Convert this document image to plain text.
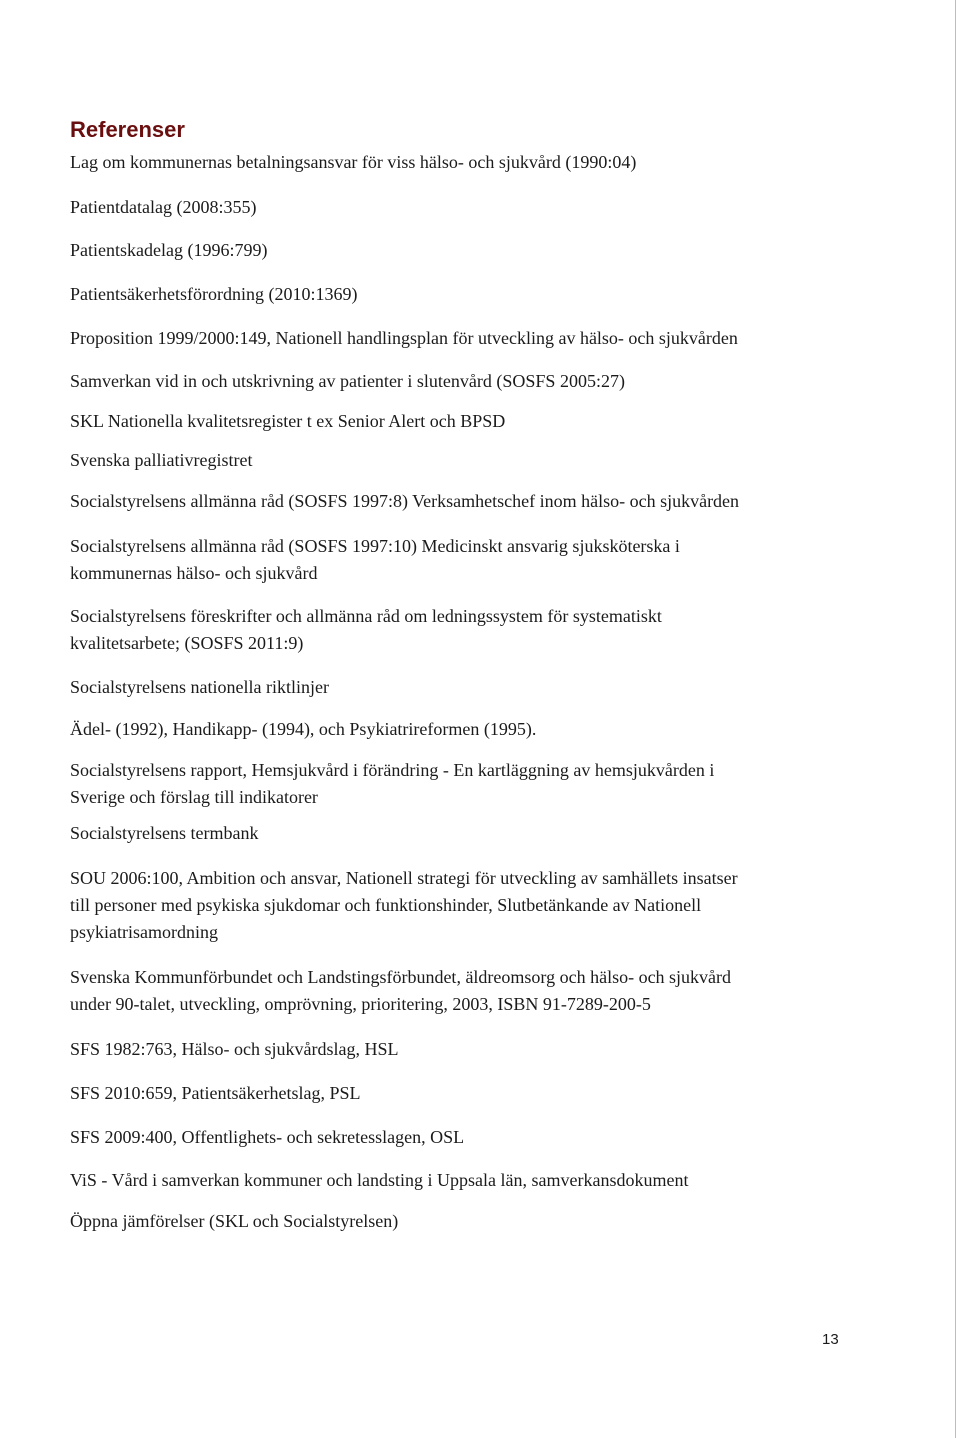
Referenser

Lag om kommunernas betalningsansvar för viss hälso- och sjukvård (1990:04)

Patientdatalag (2008:355)

Patientskadelag (1996:799)

Patientsäkerhetsförordning (2010:1369)

Proposition 1999/2000:149, Nationell handlingsplan för utveckling av hälso- och sjukvården

Samverkan vid in och utskrivning av patienter i slutenvård (SOSFS 2005:27)

SKL Nationella kvalitetsregister t ex Senior Alert och BPSD

Svenska palliativregistret

Socialstyrelsens allmänna råd (SOSFS 1997:8) Verksamhetschef inom hälso- och sjukvården

Socialstyrelsens allmänna råd (SOSFS 1997:10) Medicinskt ansvarig sjuksköterska i
kommunernas hälso- och sjukvård

Socialstyrelsens föreskrifter och allmänna råd om ledningssystem för systematiskt
kvalitetsarbete; (SOSFS 2011:9)

Socialstyrelsens nationella riktlinjer

Ädel- (1992), Handikapp- (1994), och Psykiatrireformen (1995).

Socialstyrelsens rapport, Hemsjukvård i förändring - En kartläggning av hemsjukvården i
Sverige och förslag till indikatorer

Socialstyrelsens termbank

SOU 2006:100, Ambition och ansvar, Nationell strategi för utveckling av samhällets insatser
till personer med psykiska sjukdomar och funktionshinder, Slutbetänkande av Nationell
psykiatrisamordning

Svenska Kommunförbundet och Landstingsförbundet, äldreomsorg och hälso- och sjukvård
under 90-talet, utveckling, omprövning, prioritering, 2003, ISBN 91-7289-200-5

SFS 1982:763, Hälso- och sjukvårdslag, HSL

SFS 2010:659, Patientsäkerhetslag, PSL

SFS 2009:400, Offentlighets- och sekretesslagen, OSL

ViS - Vård i samverkan kommuner och landsting i Uppsala län, samverkansdokument

Öppna jämförelser (SKL och Socialstyrelsen)

13
